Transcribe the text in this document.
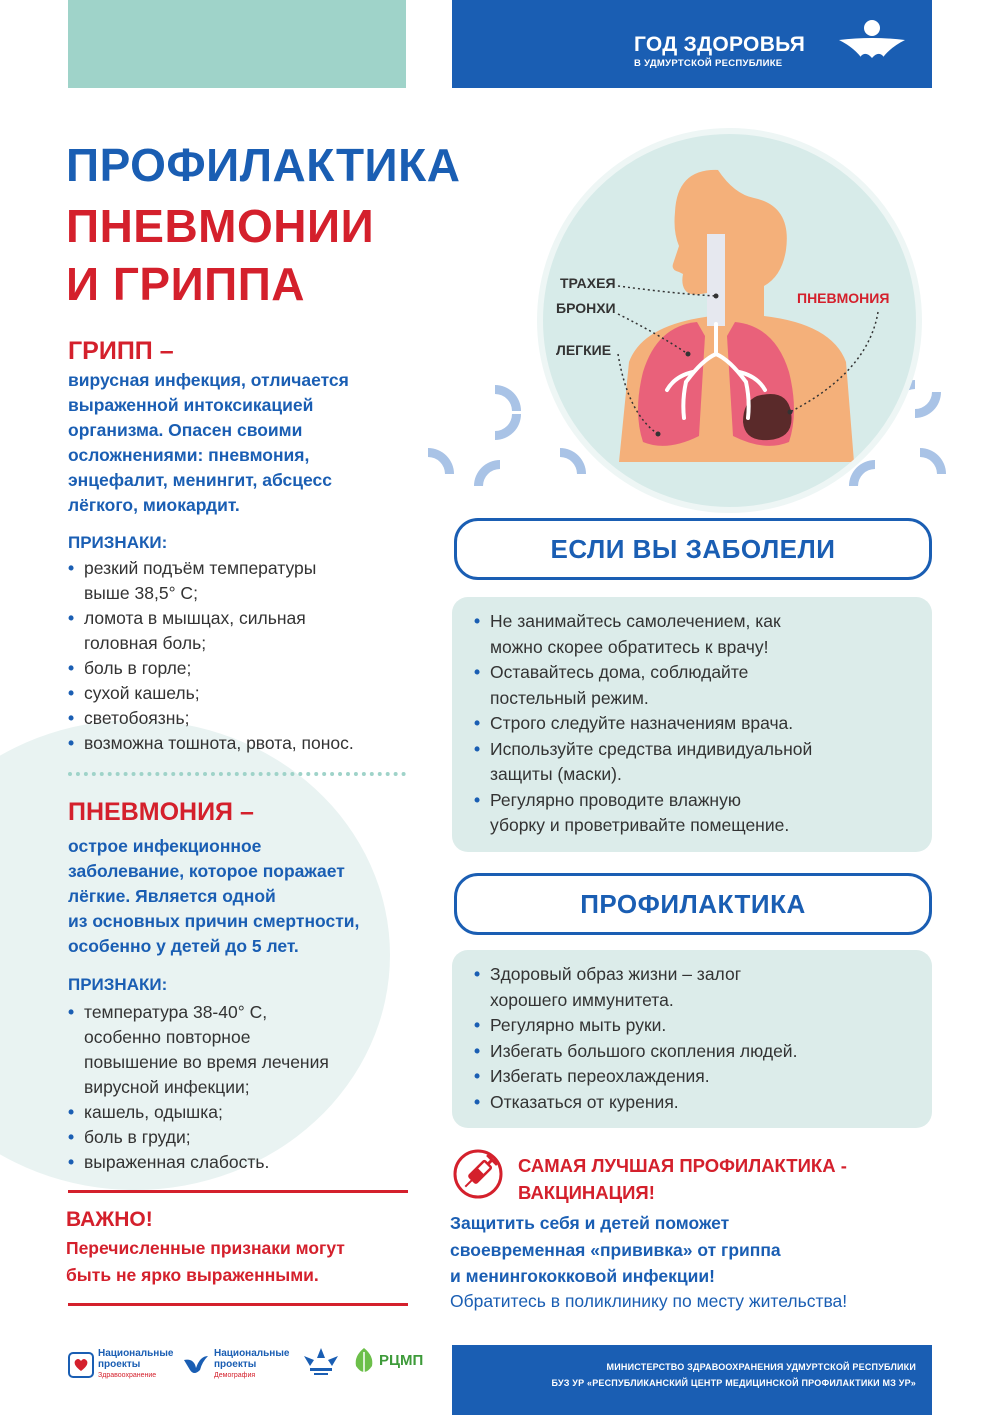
ГОД ЗДОРОВЬЯ
В УДМУРТСКОЙ РЕСПУБЛИКЕ
ПРОФИЛАКТИКА
ПНЕВМОНИИ
И ГРИППА
ГРИПП –
вирусная инфекция, отличается
выраженной интоксикацией
организма. Опасен своими
осложнениями: пневмония,
энцефалит, менингит, абсцесс
лёгкого, миокардит.
ПРИЗНАКИ:
• резкий подъём температуры
выше 38,5° С;
• ломота в мышцах, сильная
головная боль;
• боль в горле;
• сухой кашель;
• светобоязнь;
• возможна тошнота, рвота, понос.
ПНЕВМОНИЯ –
острое инфекционное
заболевание, которое поражает
лёгкие. Является одной
из основных причин смертности,
особенно у детей до 5 лет.
ПРИЗНАКИ:
• температура 38-40° С,
особенно повторное
повышение во время лечения
вирусной инфекции;
• кашель, одышка;
• боль в груди;
• выраженная слабость.
ВАЖНО!
Перечисленные признаки могут
быть не ярко выраженными.
ТРАХЕЯ
БРОНХИ
ЛЕГКИЕ
ПНЕВМОНИЯ
ЕСЛИ ВЫ ЗАБОЛЕЛИ
• Не занимайтесь самолечением, как
можно скорее обратитесь к врачу!
• Оставайтесь дома, соблюдайте
постельный режим.
• Строго следуйте назначениям врача.
• Используйте средства индивидуальной
защиты (маски).
• Регулярно проводите влажную
уборку и проветривайте помещение.
ПРОФИЛАКТИКА
• Здоровый образ жизни – залог
хорошего иммунитета.
• Регулярно мыть руки.
• Избегать большого скопления людей.
• Избегать переохлаждения.
• Отказаться от курения.
САМАЯ ЛУЧШАЯ ПРОФИЛАКТИКА -
ВАКЦИНАЦИЯ!
Защитить себя и детей поможет
своевременная «прививка» от гриппа
и менингококковой инфекции!
Обратитесь в поликлинику по месту жительства!
Национальные проекты
Здравоохранение
Национальные проекты
Демография
РЦМП	МИНИСТЕРСТВО ЗДРАВООХРАНЕНИЯ УДМУРТСКОЙ РЕСПУБЛИКИ
БУЗ УР «РЕСПУБЛИКАНСКИЙ ЦЕНТР МЕДИЦИНСКОЙ ПРОФИЛАКТИКИ МЗ УР»
